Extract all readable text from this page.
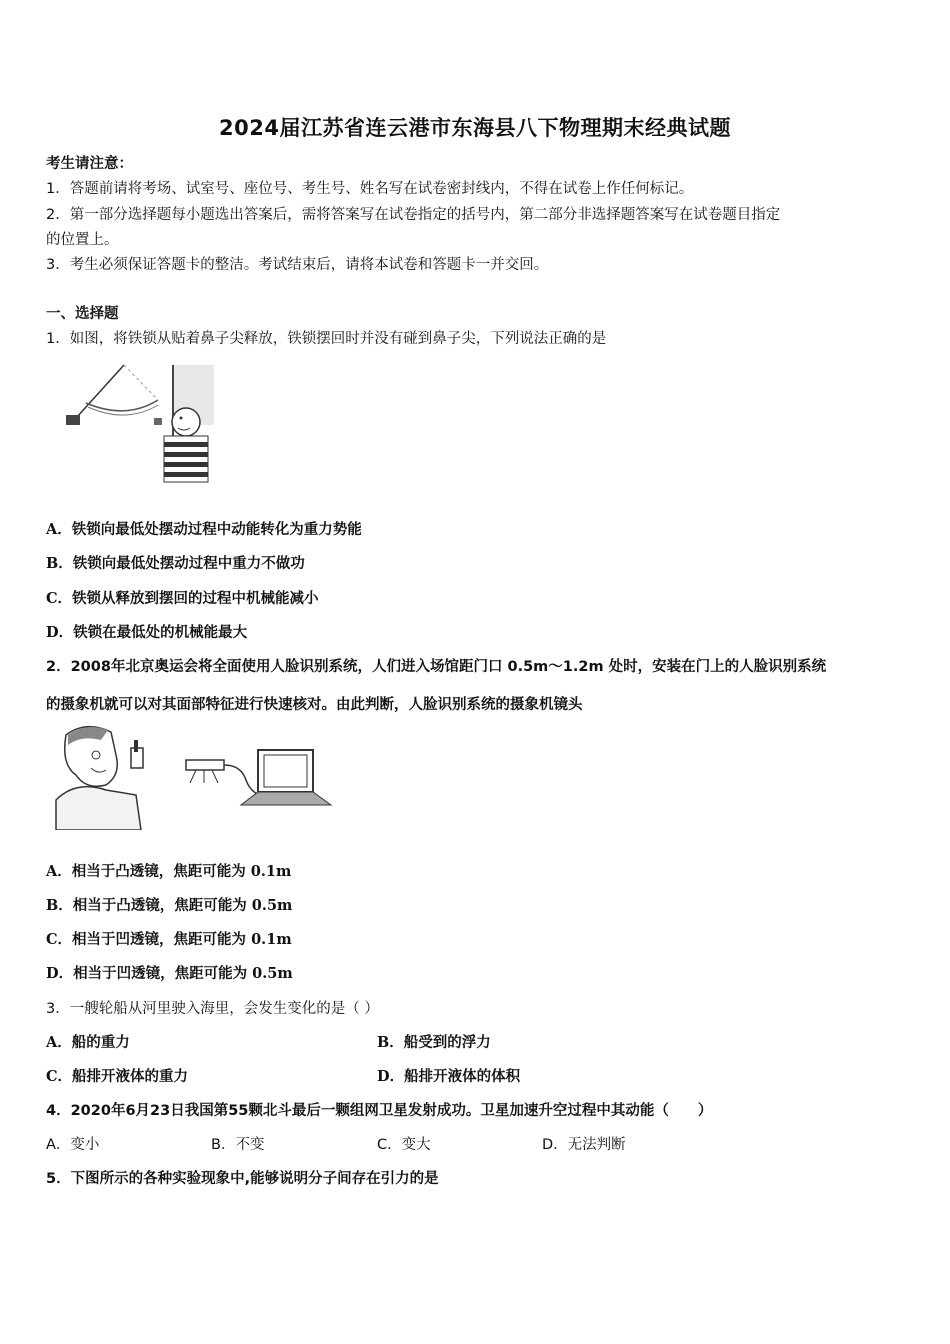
2024届江苏省连云港市东海县八下物理期末经典试题
考生请注意：
1．答题前请将考场、试室号、座位号、考生号、姓名写在试卷密封线内，不得在试卷上作任何标记。
2．第一部分选择题每小题选出答案后，需将答案写在试卷指定的括号内，第二部分非选择题答案写在试卷题目指定
的位置上。
3．考生必须保证答题卡的整洁。考试结束后，请将本试卷和答题卡一并交回。
一、选择题
1．如图，将铁锁从贴着鼻子尖释放，铁锁摆回时并没有碰到鼻子尖，下列说法正确的是
A．铁锁向最低处摆动过程中动能转化为重力势能
B．铁锁向最低处摆动过程中重力不做功
C．铁锁从释放到摆回的过程中机械能减小
D．铁锁在最低处的机械能最大
2．2008年北京奥运会将全面使用人脸识别系统，人们进入场馆距门口 0.5m～1.2m 处时，安装在门上的人脸识别系统
的摄象机就可以对其面部特征进行快速核对。由此判断，人脸识别系统的摄象机镜头
A．相当于凸透镜，焦距可能为 0.1m
B．相当于凸透镜，焦距可能为 0.5m
C．相当于凹透镜，焦距可能为 0.1m
D．相当于凹透镜，焦距可能为 0.5m
3．一艘轮船从河里驶入海里，会发生变化的是（ ）
A．船的重力	B．船受到的浮力
C．船排开液体的重力	D．船排开液体的体积
4．2020年6月23日我国第55颗北斗最后一颗组网卫星发射成功。卫星加速升空过程中其动能（　　）
A．变小	B．不变	C．变大	D．无法判断
5．下图所示的各种实验现象中,能够说明分子间存在引力的是
